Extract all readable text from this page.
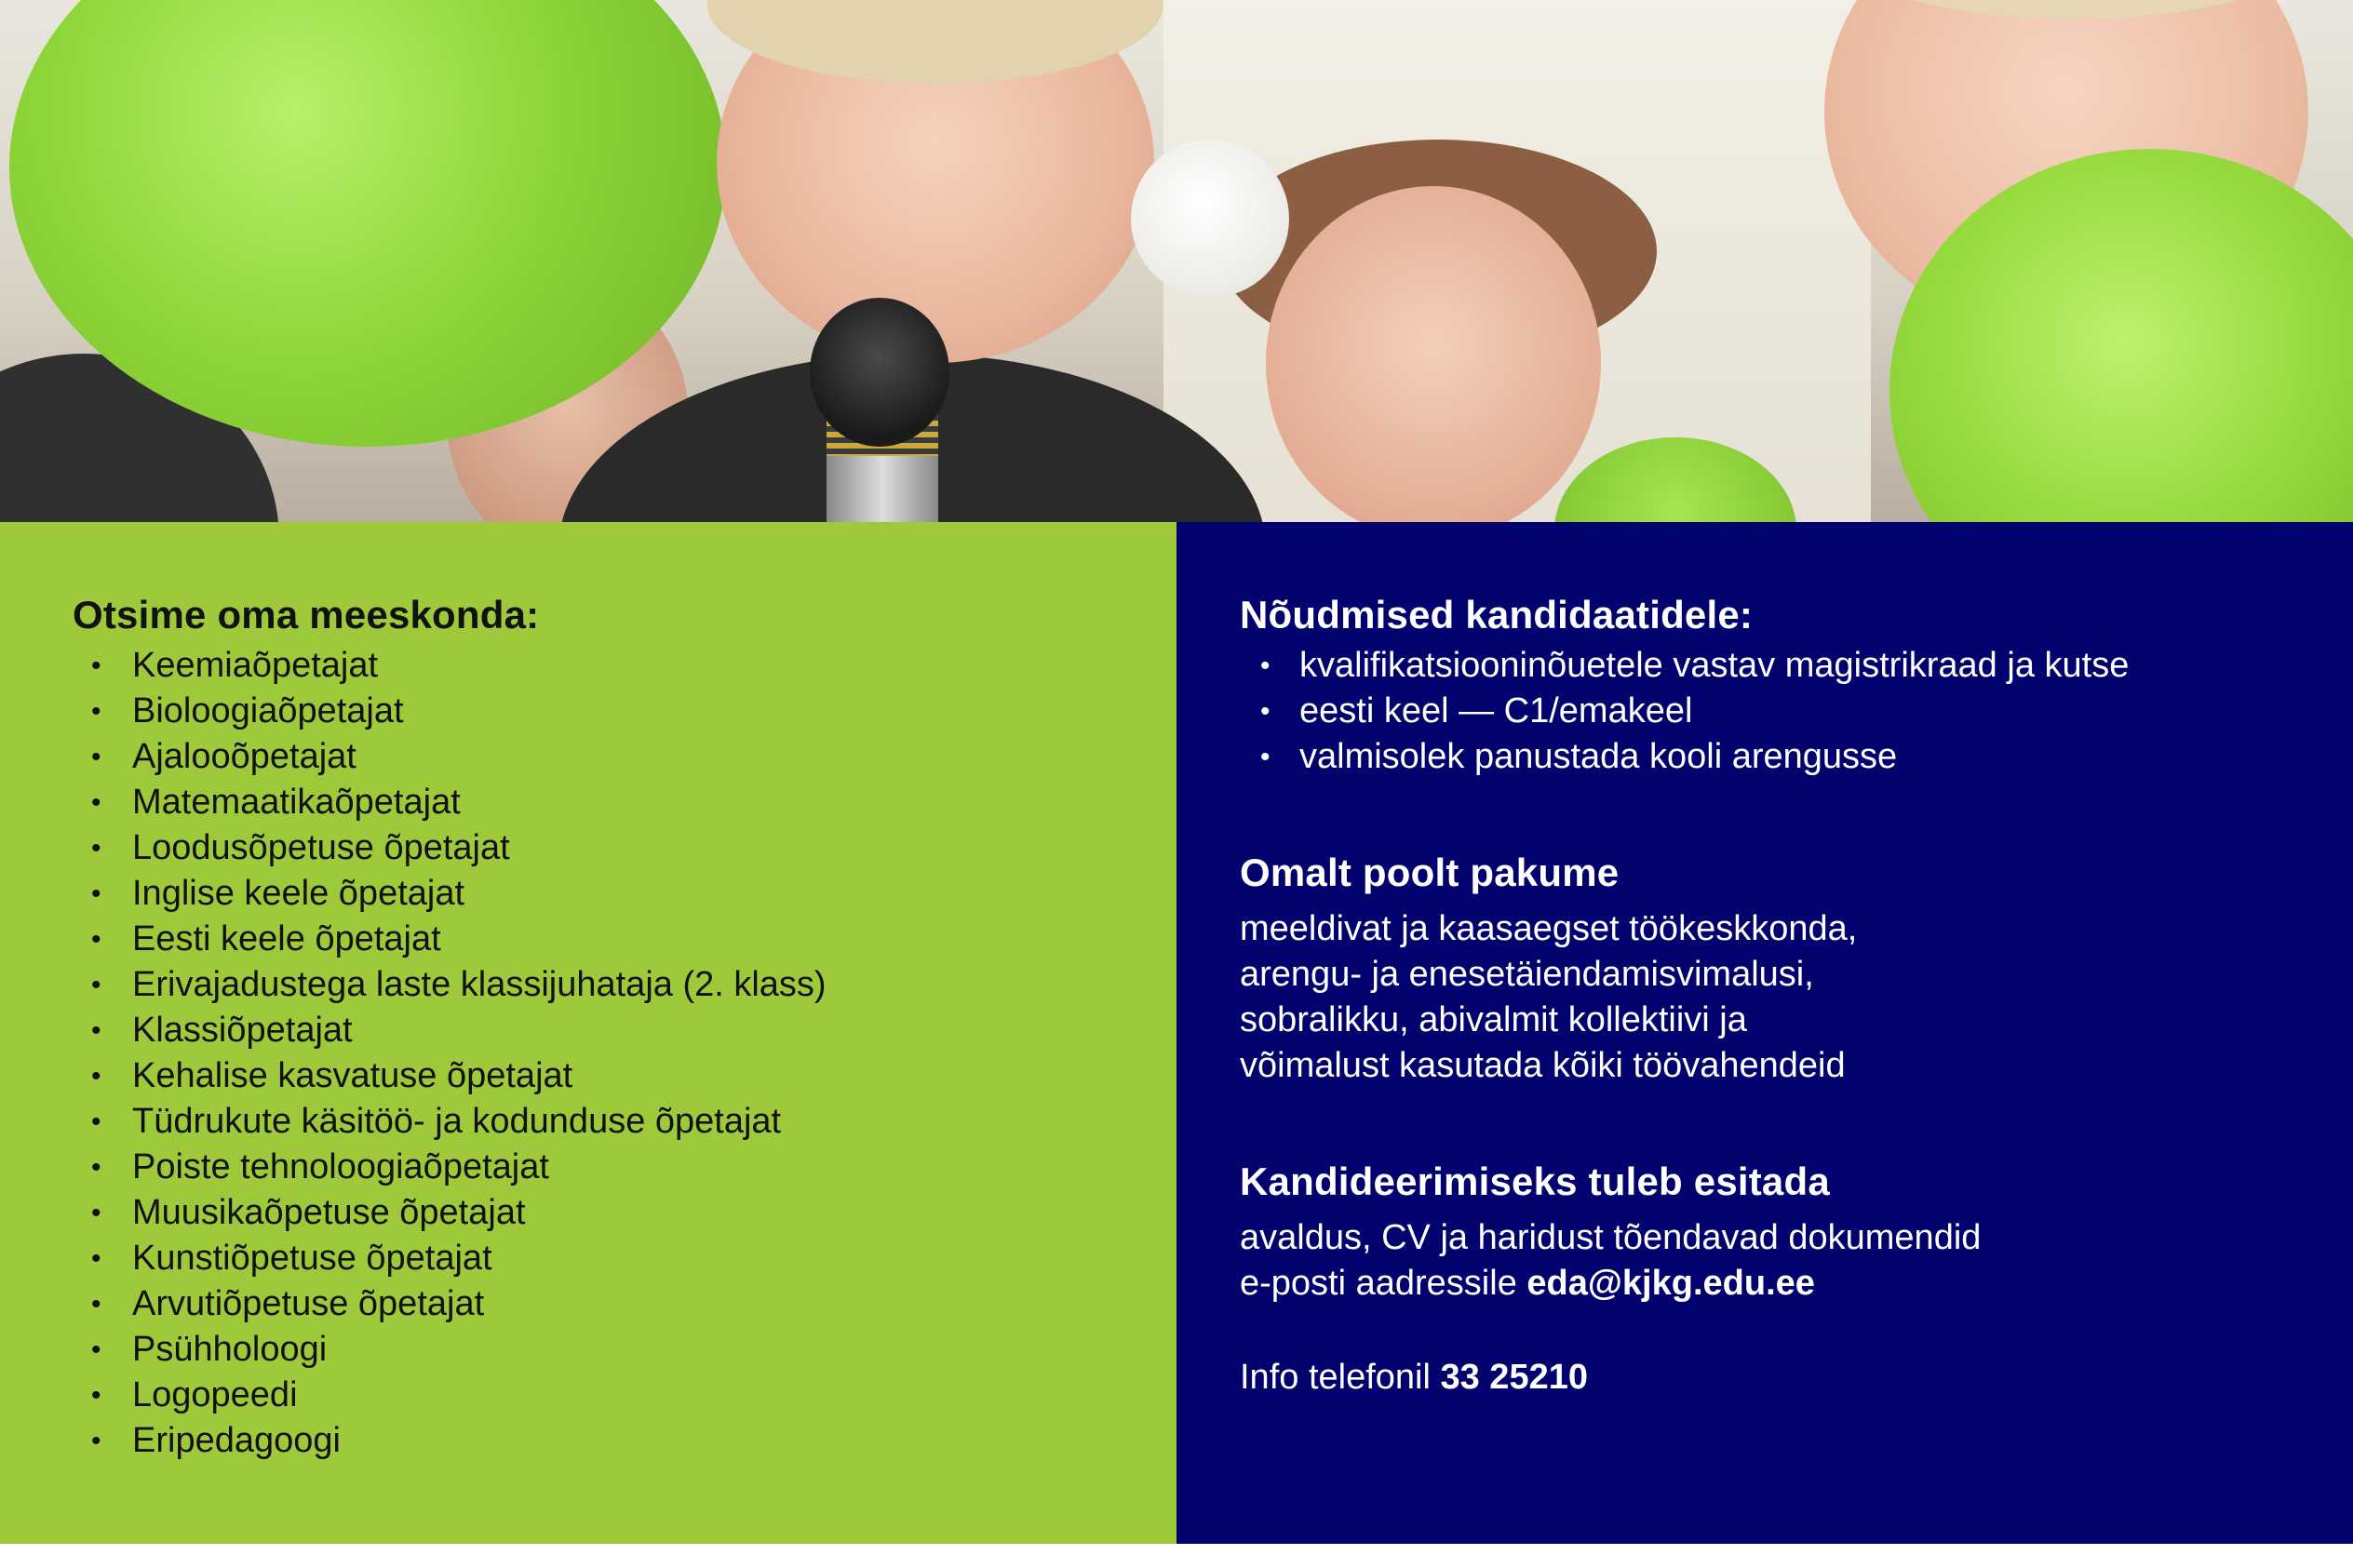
Otsime oma meeskonda:
• Keemiaõpetajat
• Bioloogiaõpetajat
• Ajalooõpetajat
• Matemaatikaõpetajat
• Loodusõpetuse õpetajat
• Inglise keele õpetajat
• Eesti keele õpetajat
• Erivajadustega laste klassijuhataja (2. klass)
• Klassiõpetajat
• Kehalise kasvatuse õpetajat
• Tüdrukute käsitöö- ja kodunduse õpetajat
• Poiste tehnoloogiaõpetajat
• Muusikaõpetuse õpetajat
• Kunstiõpetuse õpetajat
• Arvutiõpetuse õpetajat
• Psühholoogi
• Logopeedi
• Eripedagoogi
Nõudmised kandidaatidele:
• kvalifikatsiooninõuetele vastav magistrikraad ja kutse
• eesti keel — C1/emakeel
• valmisolek panustada kooli arengusse
Omalt poolt pakume
meeldivat ja kaasaegset töökeskkonda,
arengu- ja enesetäiendamisvimalusi,
sobralikku, abivalmit kollektiivi ja
võimalust kasutada kõiki töövahendeid
Kandideerimiseks tuleb esitada
avaldus, CV ja haridust tõendavad dokumendid
e-posti aadressile eda@kjkg.edu.ee
Info telefonil 33 25210
